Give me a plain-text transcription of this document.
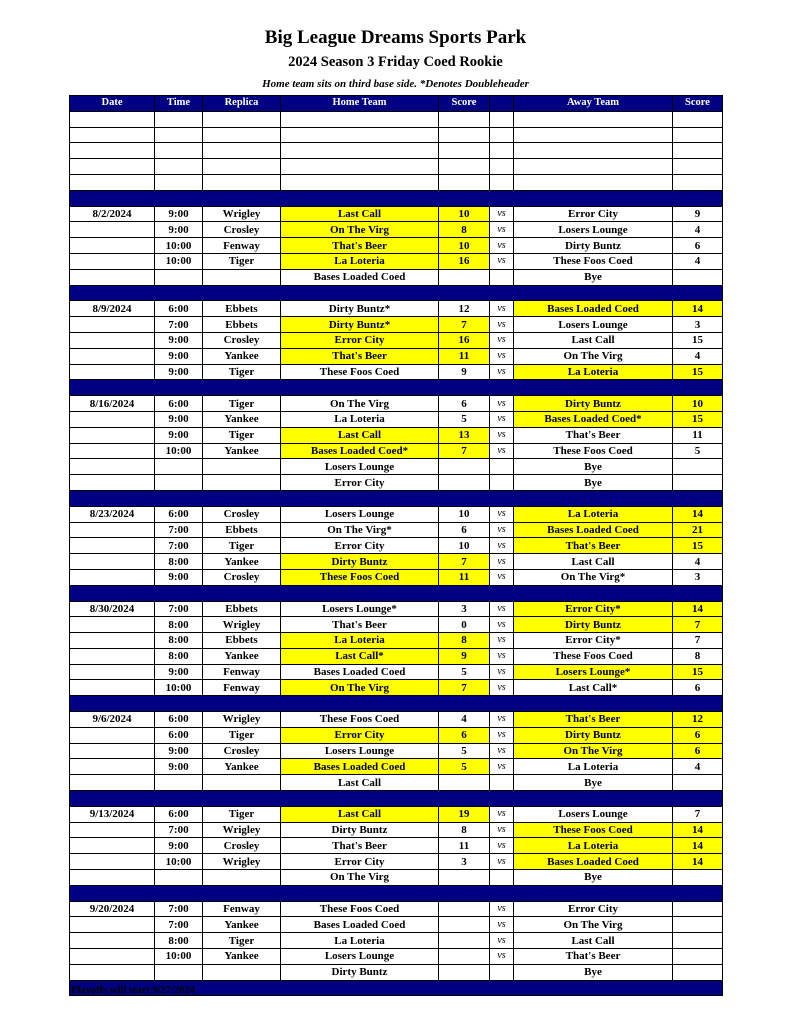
Big League Dreams Sports Park
2024 Season 3 Friday Coed Rookie
Home team sits on third base side. *Denotes Doubleheader
Date	Time	Replica	Home Team	Score		Away Team	Score

8/2/2024	9:00	Wrigley	Last Call	10	vs	Error City	9
	9:00	Crosley	On The Virg	8	vs	Losers Lounge	4
	10:00	Fenway	That's Beer	10	vs	Dirty Buntz	6
	10:00	Tiger	La Loteria	16	vs	These Foos Coed	4
			Bases Loaded Coed			Bye	

8/9/2024	6:00	Ebbets	Dirty Buntz*	12	vs	Bases Loaded Coed	14
	7:00	Ebbets	Dirty Buntz*	7	vs	Losers Lounge	3
	9:00	Crosley	Error City	16	vs	Last Call	15
	9:00	Yankee	That's Beer	11	vs	On The Virg	4
	9:00	Tiger	These Foos Coed	9	vs	La Loteria	15

8/16/2024	6:00	Tiger	On The Virg	6	vs	Dirty Buntz	10
	9:00	Yankee	La Loteria	5	vs	Bases Loaded Coed*	15
	9:00	Tiger	Last Call	13	vs	That's Beer	11
	10:00	Yankee	Bases Loaded Coed*	7	vs	These Foos Coed	5
			Losers Lounge			Bye	
			Error City			Bye	

8/23/2024	6:00	Crosley	Losers Lounge	10	vs	La Loteria	14
	7:00	Ebbets	On The Virg*	6	vs	Bases Loaded Coed	21
	7:00	Tiger	Error City	10	vs	That's Beer	15
	8:00	Yankee	Dirty Buntz	7	vs	Last Call	4
	9:00	Crosley	These Foos Coed	11	vs	On The Virg*	3

8/30/2024	7:00	Ebbets	Losers Lounge*	3	vs	Error City*	14
	8:00	Wrigley	That's Beer	0	vs	Dirty Buntz	7
	8:00	Ebbets	La Loteria	8	vs	Error City*	7
	8:00	Yankee	Last Call*	9	vs	These Foos Coed	8
	9:00	Fenway	Bases Loaded Coed	5	vs	Losers Lounge*	15
	10:00	Fenway	On The Virg	7	vs	Last Call*	6

9/6/2024	6:00	Wrigley	These Foos Coed	4	vs	That's Beer	12
	6:00	Tiger	Error City	6	vs	Dirty Buntz	6
	9:00	Crosley	Losers Lounge	5	vs	On The Virg	6
	9:00	Yankee	Bases Loaded Coed	5	vs	La Loteria	4
			Last Call			Bye	

9/13/2024	6:00	Tiger	Last Call	19	vs	Losers Lounge	7
	7:00	Wrigley	Dirty Buntz	8	vs	These Foos Coed	14
	9:00	Crosley	That's Beer	11	vs	La Loteria	14
	10:00	Wrigley	Error City	3	vs	Bases Loaded Coed	14
			On The Virg			Bye	

9/20/2024	7:00	Fenway	These Foos Coed		vs	Error City	
	7:00	Yankee	Bases Loaded Coed		vs	On The Virg	
	8:00	Tiger	La Loteria		vs	Last Call	
	10:00	Yankee	Losers Lounge		vs	That's Beer	
			Dirty Buntz			Bye	

Playoffs will start 9/27/2024
